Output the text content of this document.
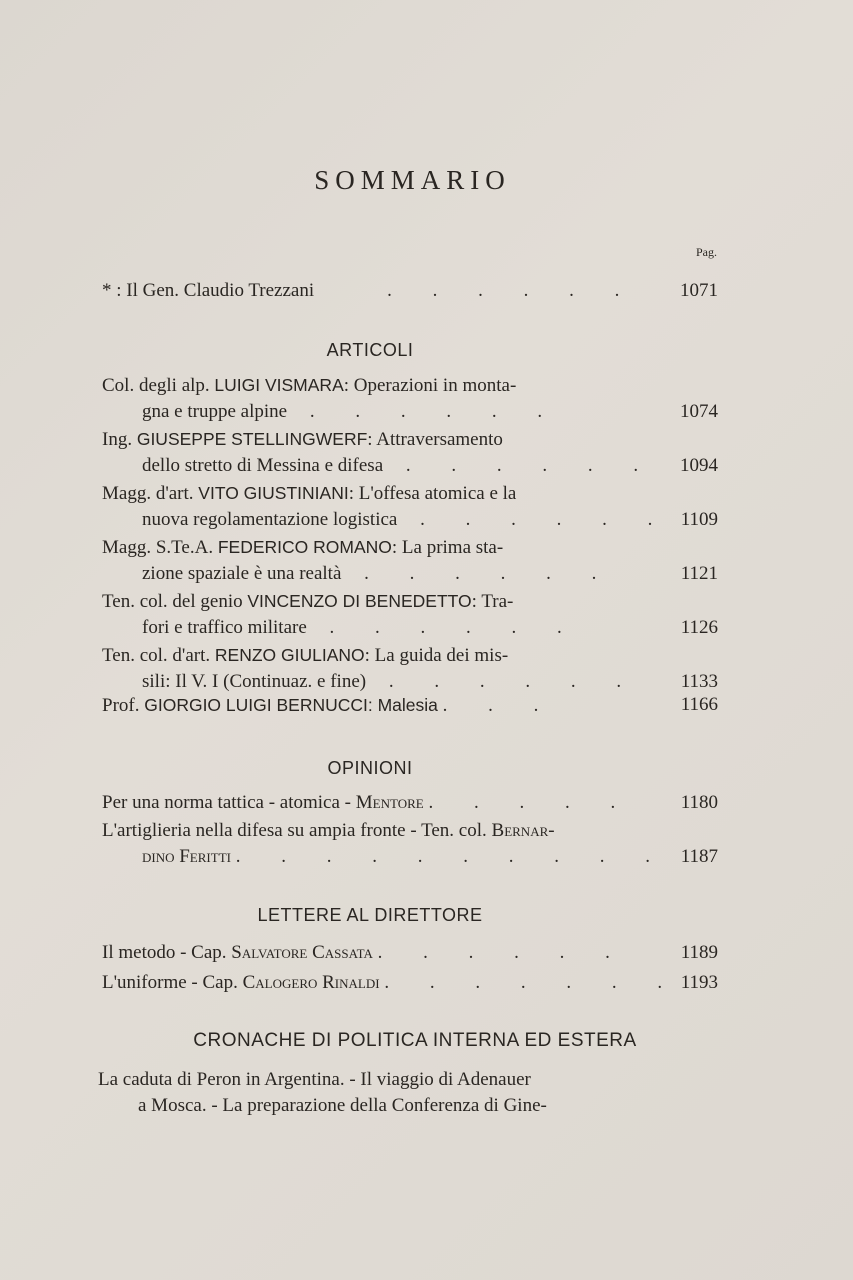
SOMMARIO
Pag.
* : Il Gen. Claudio Trezzani    . . . . . . 1071
ARTICOLI
Col. degli alp. LUIGI VISMARA: Operazioni in monta-
gna e truppe alpine . . . . . .	1074
Ing. GIUSEPPE STELLINGWERF: Attraversamento
dello stretto di Messina e difesa . . . . . . 1094
Magg. d'art. VITO GIUSTINIANI: L'offesa atomica e la
nuova regolamentazione logistica . . . . . . 1109
Magg. S.Te.A. FEDERICO ROMANO: La prima sta-
zione spaziale è una realtà . . . . . .	1121
Ten. col. del genio VINCENZO DI BENEDETTO: Tra-
fori e traffico militare . . . . . .	1126
Ten. col. d'art. RENZO GIULIANO: La guida dei mis-
sili: Il V. I (Continuaz. e fine) . . . . . . 1133
Prof. GIORGIO LUIGI BERNUCCI: Malesia . . .	1166
OPINIONI
Per una norma tattica - atomica - Mentore . . . . .	1180
L'artiglieria nella difesa su ampia fronte - Ten. col. Bernar-
dino Feritti . . . . . . . . . . 1187
LETTERE AL DIRETTORE
Il metodo - Cap. Salvatore Cassata . . . . . .	1189
L'uniforme - Cap. Calogero Rinaldi . . . . . . . 1193
CRONACHE DI POLITICA INTERNA ED ESTERA
La caduta di Peron in Argentina. - Il viaggio di Adenauer
a Mosca. - La preparazione della Conferenza di Gine-
